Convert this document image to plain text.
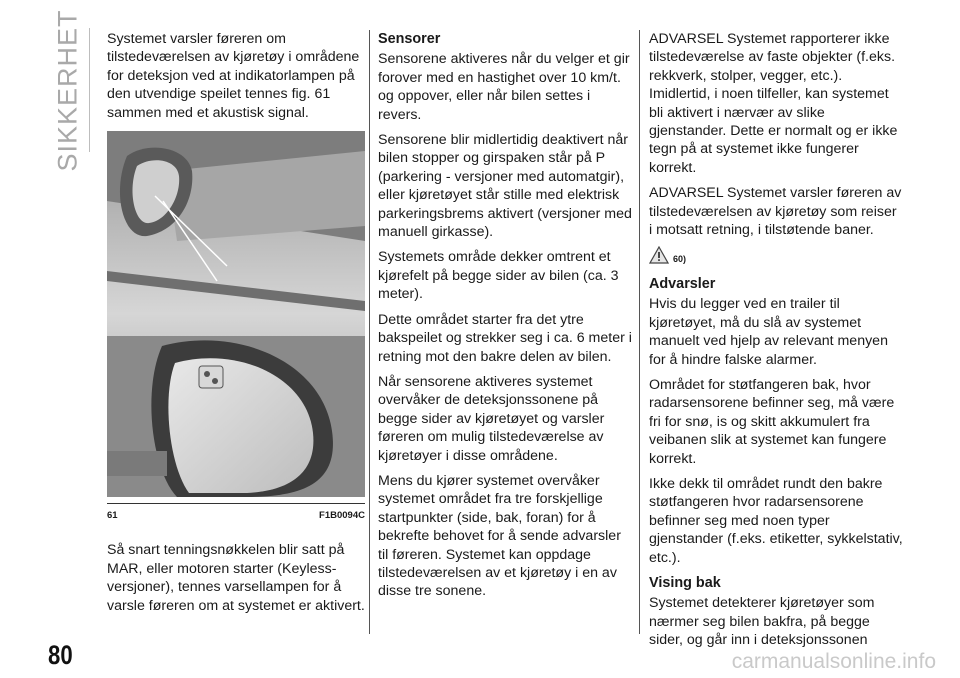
SIKKERHET Systemet varsler føreren om tilstedeværelsen av kjøretøy i områdene for deteksjon ved at indikatorlampen på den utvendige speilet tennes fig. 61 sammen med et akustisk signal.

61	F1B0094C

Så snart tenningsnøkkelen blir satt på MAR, eller motoren starter (Keyless-versjoner), tennes varsellampen for å varsle føreren om at systemet er aktivert.

Sensorer

Sensorene aktiveres når du velger et gir forover med en hastighet over 10 km/t. og oppover, eller når bilen settes i revers.

Sensorene blir midlertidig deaktivert når bilen stopper og girspaken står på P (parkering - versjoner med automatgir), eller kjøretøyet står stille med elektrisk parkeringsbrems aktivert (versjoner med manuell girkasse).

Systemets område dekker omtrent et kjørefelt på begge sider av bilen (ca. 3 meter).

Dette området starter fra det ytre bakspeilet og strekker seg i ca. 6 meter i retning mot den bakre delen av bilen.

Når sensorene aktiveres systemet overvåker de deteksjonssonene på begge sider av kjøretøyet og varsler føreren om mulig tilstedeværelse av kjøretøyer i disse områdene.

Mens du kjører systemet overvåker systemet området fra tre forskjellige startpunkter (side, bak, foran) for å bekrefte behovet for å sende advarsler til føreren. Systemet kan oppdage tilstedeværelsen av et kjøretøy i en av disse tre sonene.

ADVARSEL Systemet rapporterer ikke tilstedeværelse av faste objekter (f.eks. rekkverk, stolper, vegger, etc.). Imidlertid, i noen tilfeller, kan systemet bli aktivert i nærvær av slike gjenstander. Dette er normalt og er ikke tegn på at systemet ikke fungerer korrekt.

ADVARSEL Systemet varsler føreren av tilstedeværelsen av kjøretøy som reiser i motsatt retning, i tilstøtende baner.

60)
Advarsler

Hvis du legger ved en trailer til kjøretøyet, må du slå av systemet manuelt ved hjelp av relevant menyen for å hindre falske alarmer.

Området for støtfangeren bak, hvor radarsensorene befinner seg, må være fri for snø, is og skitt akkumulert fra veibanen slik at systemet kan fungere korrekt.

Ikke dekk til området rundt den bakre støtfangeren hvor radarsensorene befinner seg med noen typer gjenstander (f.eks. etiketter, sykkelstativ, etc.).

Vising bak

Systemet detekterer kjøretøyer som nærmer seg bilen bakfra, på begge sider, og går inn i deteksjonssonen

80	carmanualsonline.info
